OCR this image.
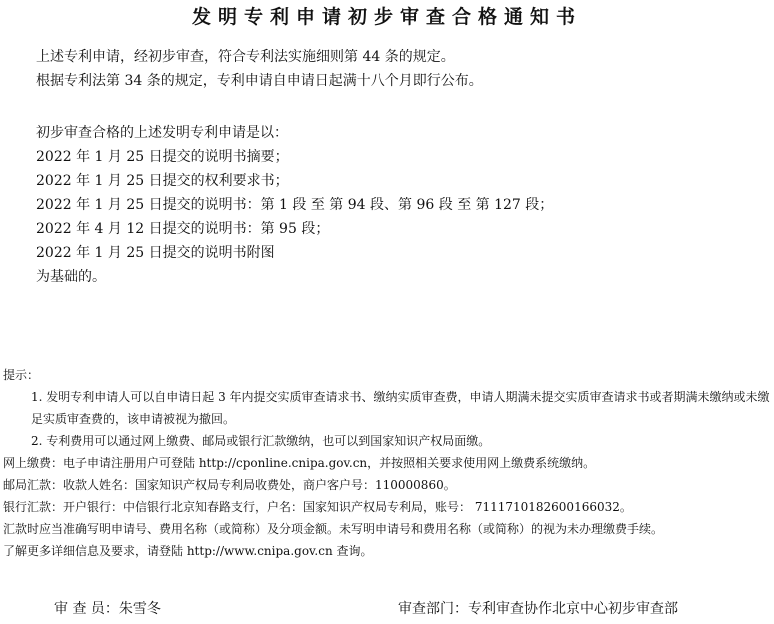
发明专利申请初步审查合格通知书
上述专利申请，经初步审查，符合专利法实施细则第 44 条的规定。
根据专利法第 34 条的规定，专利申请自申请日起满十八个月即行公布。
初步审查合格的上述发明专利申请是以：
2022 年 1 月 25 日提交的说明书摘要；
2022 年 1 月 25 日提交的权利要求书；
2022 年 1 月 25 日提交的说明书：第 1 段 至 第 94 段、第 96 段 至 第 127 段；
2022 年 4 月 12 日提交的说明书：第 95 段；
2022 年 1 月 25 日提交的说明书附图
为基础的。
提示：
1. 发明专利申请人可以自申请日起 3 年内提交实质审查请求书、缴纳实质审查费，申请人期满未提交实质审查请求书或者期满未缴纳或未缴足实质审查费的，该申请被视为撤回。
2. 专利费用可以通过网上缴费、邮局或银行汇款缴纳，也可以到国家知识产权局面缴。
网上缴费：电子申请注册用户可登陆 http://cponline.cnipa.gov.cn，并按照相关要求使用网上缴费系统缴纳。
邮局汇款：收款人姓名：国家知识产权局专利局收费处，商户客户号：110000860。
银行汇款：开户银行：中信银行北京知春路支行，户名：国家知识产权局专利局，账号： 7111710182600166032。
汇款时应当准确写明申请号、费用名称（或简称）及分项金额。未写明申请号和费用名称（或简称）的视为未办理缴费手续。
了解更多详细信息及要求，请登陆 http://www.cnipa.gov.cn 查询。
审 查 员：朱雪冬	审查部门：专利审查协作北京中心初步审查部
